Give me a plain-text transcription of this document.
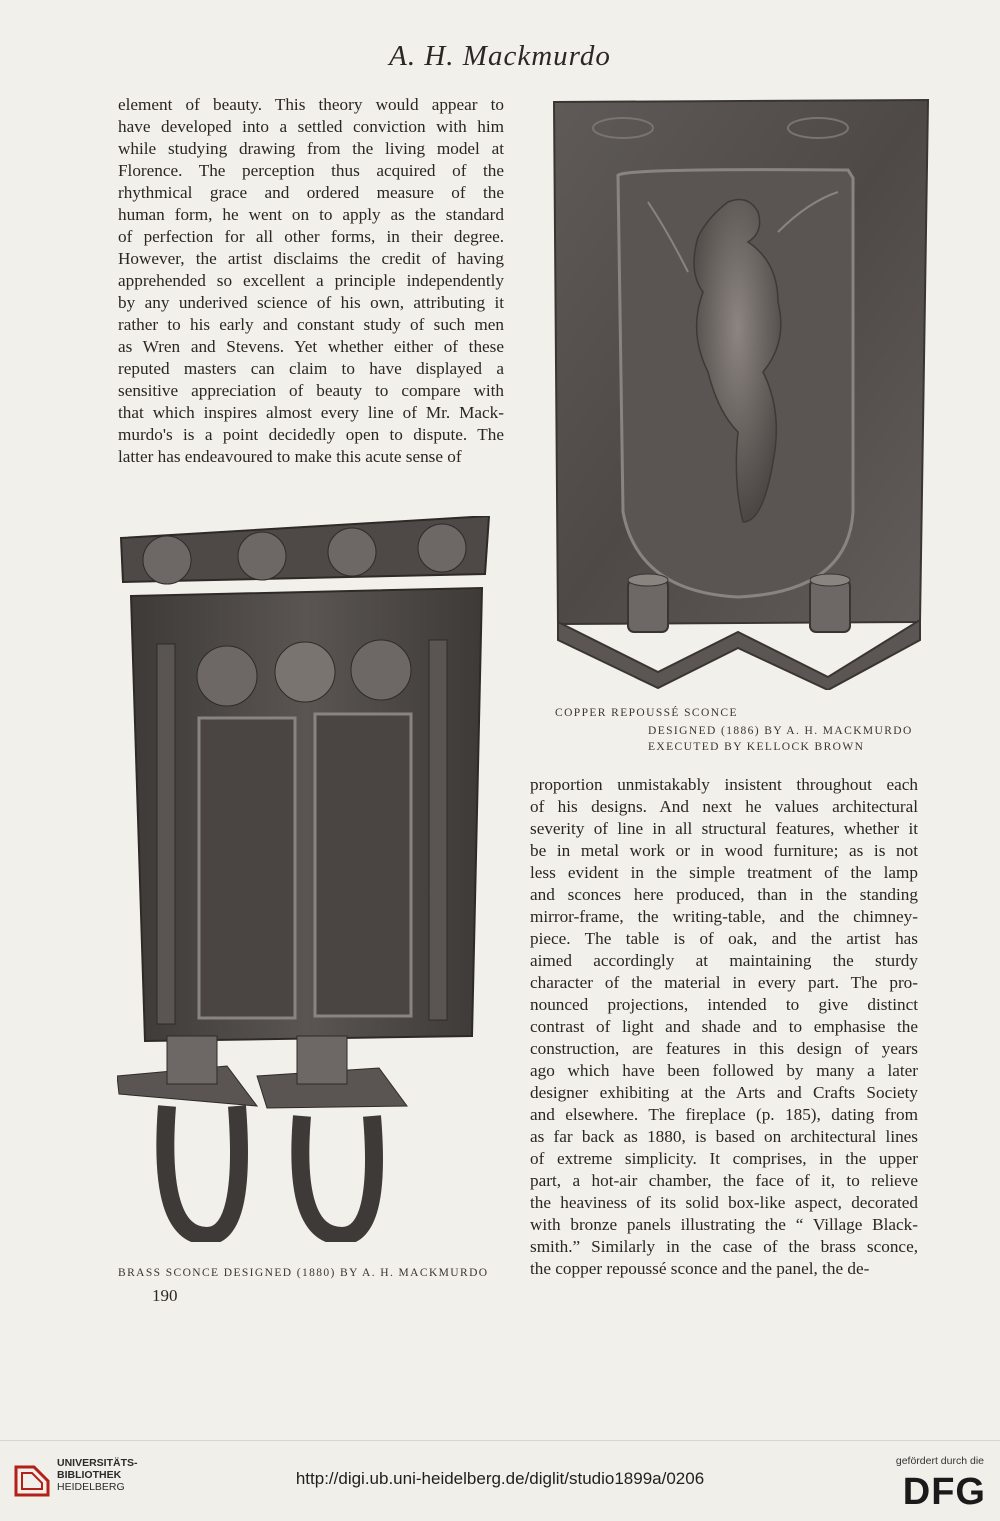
A. H. Mackmurdo
element of beauty. This theory would appear to
have developed into a settled conviction with him
while studying drawing from the living model at
Florence. The perception thus acquired of the
rhythmical grace and ordered measure of the
human form, he went on to apply as the standard
of perfection for all other forms, in their degree.
However, the artist disclaims the credit of having
apprehended so excellent a principle independently
by any underived science of his own, attributing it
rather to his early and constant study of such men
as Wren and Stevens. Yet whether either of these
reputed masters can claim to have displayed a
sensitive appreciation of beauty to compare with
that which inspires almost every line of Mr. Mack-
murdo's is a point decidedly open to dispute. The
latter has endeavoured to make this acute sense of
COPPER REPOUSSÉ SCONCE
DESIGNED (1886) BY A. H. MACKMURDO
EXECUTED BY KELLOCK BROWN
BRASS SCONCE DESIGNED (1880) BY A. H. MACKMURDO
190
proportion unmistakably insistent throughout each
of his designs. And next he values architectural
severity of line in all structural features, whether it
be in metal work or in wood furniture; as is not
less evident in the simple treatment of the lamp
and sconces here produced, than in the standing
mirror-frame, the writing-table, and the chimney-
piece. The table is of oak, and the artist has
aimed accordingly at maintaining the sturdy
character of the material in every part. The pro-
nounced projections, intended to give distinct
contrast of light and shade and to emphasise the
construction, are features in this design of years
ago which have been followed by many a later
designer exhibiting at the Arts and Crafts Society
and elsewhere. The fireplace (p. 185), dating from
as far back as 1880, is based on architectural lines
of extreme simplicity. It comprises, in the upper
part, a hot-air chamber, the face of it, to relieve
the heaviness of its solid box-like aspect, decorated
with bronze panels illustrating the “ Village Black-
smith.” Similarly in the case of the brass sconce,
the copper repoussé sconce and the panel, the de-
UNIVERSITÄTS-
BIBLIOTHEK
HEIDELBERG	http://digi.ub.uni-heidelberg.de/diglit/studio1899a/0206
gefördert durch die
DFG
